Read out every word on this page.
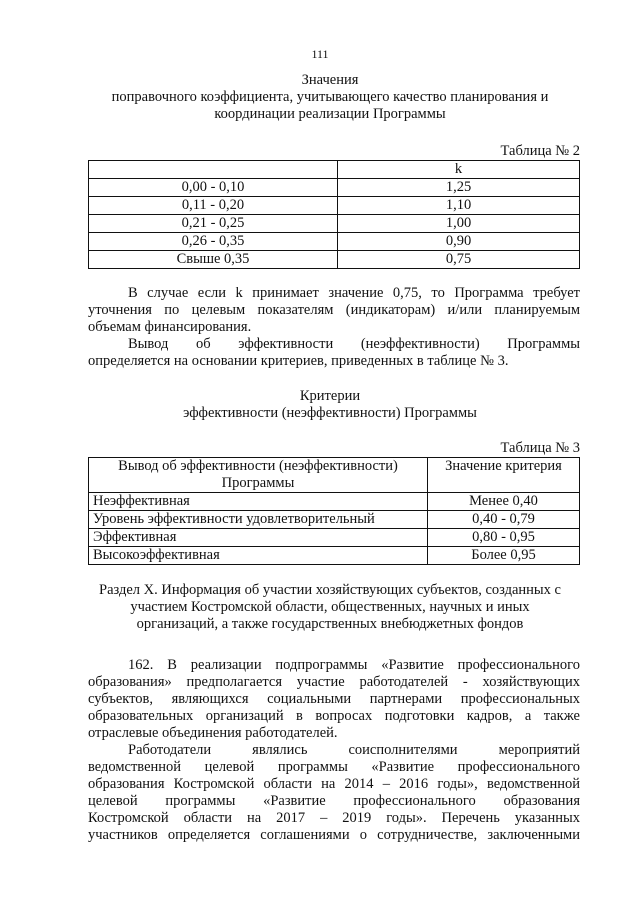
111
Значения
поправочного коэффициента, учитывающего качество планирования и
координации реализации Программы
Таблица № 2
	k
0,00 - 0,10	1,25
0,11 - 0,20	1,10
0,21 - 0,25	1,00
0,26 - 0,35	0,90
Свыше 0,35	0,75

В случае если k принимает значение 0,75, то Программа требует

уточнения по целевым показателям (индикаторам) и/или планируемым

объемам финансирования.

Вывод об эффективности (неэффективности) Программы

определяется на основании критериев, приведенных в таблице № 3.

Критерии
эффективности (неэффективности) Программы
Таблица № 3
Вывод об эффективности (неэффективности) Программы	Значение критерия
Неэффективная	Менее 0,40
Уровень эффективности удовлетворительный	0,40 - 0,79
Эффективная	0,80 - 0,95
Высокоэффективная	Более 0,95
Раздел X. Информация об участии хозяйствующих субъектов, созданных с
участием Костромской области, общественных, научных и иных
организаций, а также государственных внебюджетных фондов

162. В реализации подпрограммы «Развитие профессионального

образования» предполагается участие работодателей - хозяйствующих

субъектов, являющихся социальными партнерами профессиональных

образовательных организаций в вопросах подготовки кадров, а также

отраслевые объединения работодателей.

Работодатели являлись соисполнителями мероприятий

ведомственной целевой программы «Развитие профессионального

образования Костромской области на 2014 – 2016 годы», ведомственной

целевой программы «Развитие профессионального образования

Костромской области на 2017 – 2019 годы». Перечень указанных

участников определяется соглашениями о сотрудничестве, заключенными
